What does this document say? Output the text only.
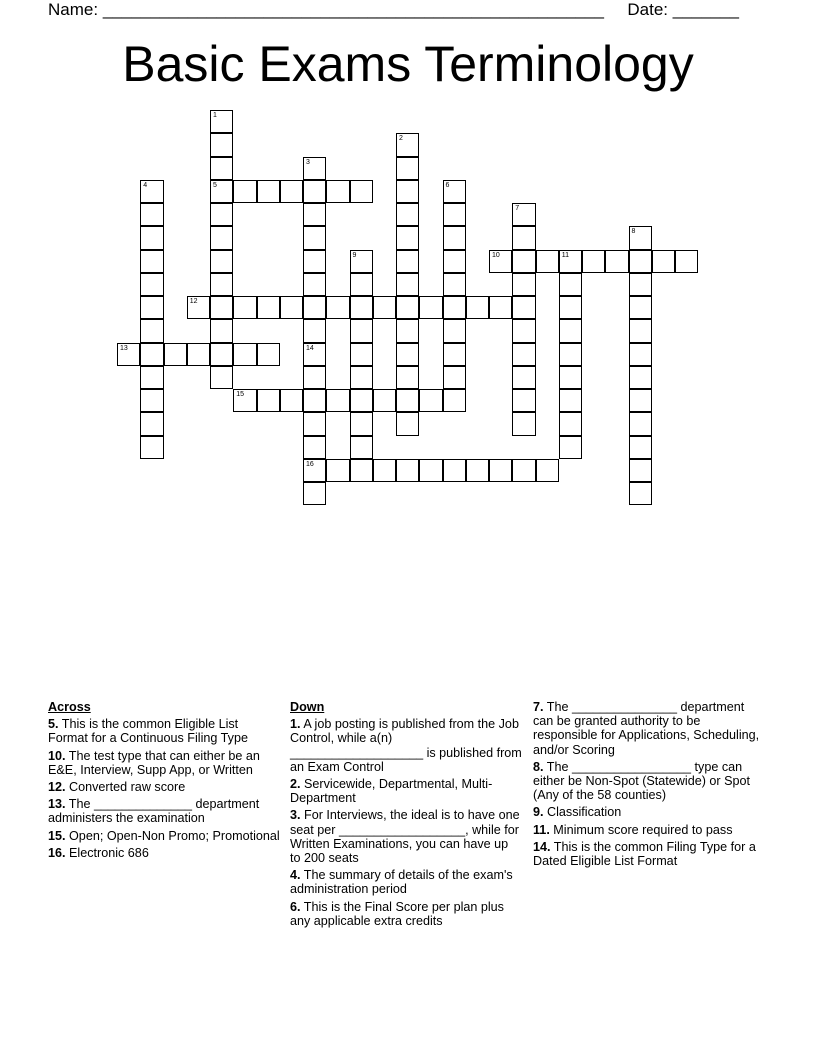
Name: _____________________________________________________ Date: _______
Basic Exams Terminology
1
5
2
3
14
4	6
7
8
9	10	11
12
13
16
15
Across
5. This is the common Eligible List Format for a Continuous Filing Type
10. The test type that can either be an E&E, Interview, Supp App, or Written
12. Converted raw score
13. The ______________ department administers the examination
15. Open; Open-Non Promo; Promotional
16. Electronic 686
Down
1. A job posting is published from the Job Control, while a(n) ___________________ is published from an Exam Control
2. Servicewide, Departmental, Multi-Department
3. For Interviews, the ideal is to have one seat per __________________, while for Written Examinations, you can have up to 200 seats
4. The summary of details of the exam's administration period
6. This is the Final Score per plan plus any applicable extra credits
7. The _______________ department can be granted authority to be responsible for Applications, Scheduling, and/or Scoring
8. The _________________ type can either be Non-Spot (Statewide) or Spot (Any of the 58 counties)
9. Classification
11. Minimum score required to pass
14. This is the common Filing Type for a Dated Eligible List Format
